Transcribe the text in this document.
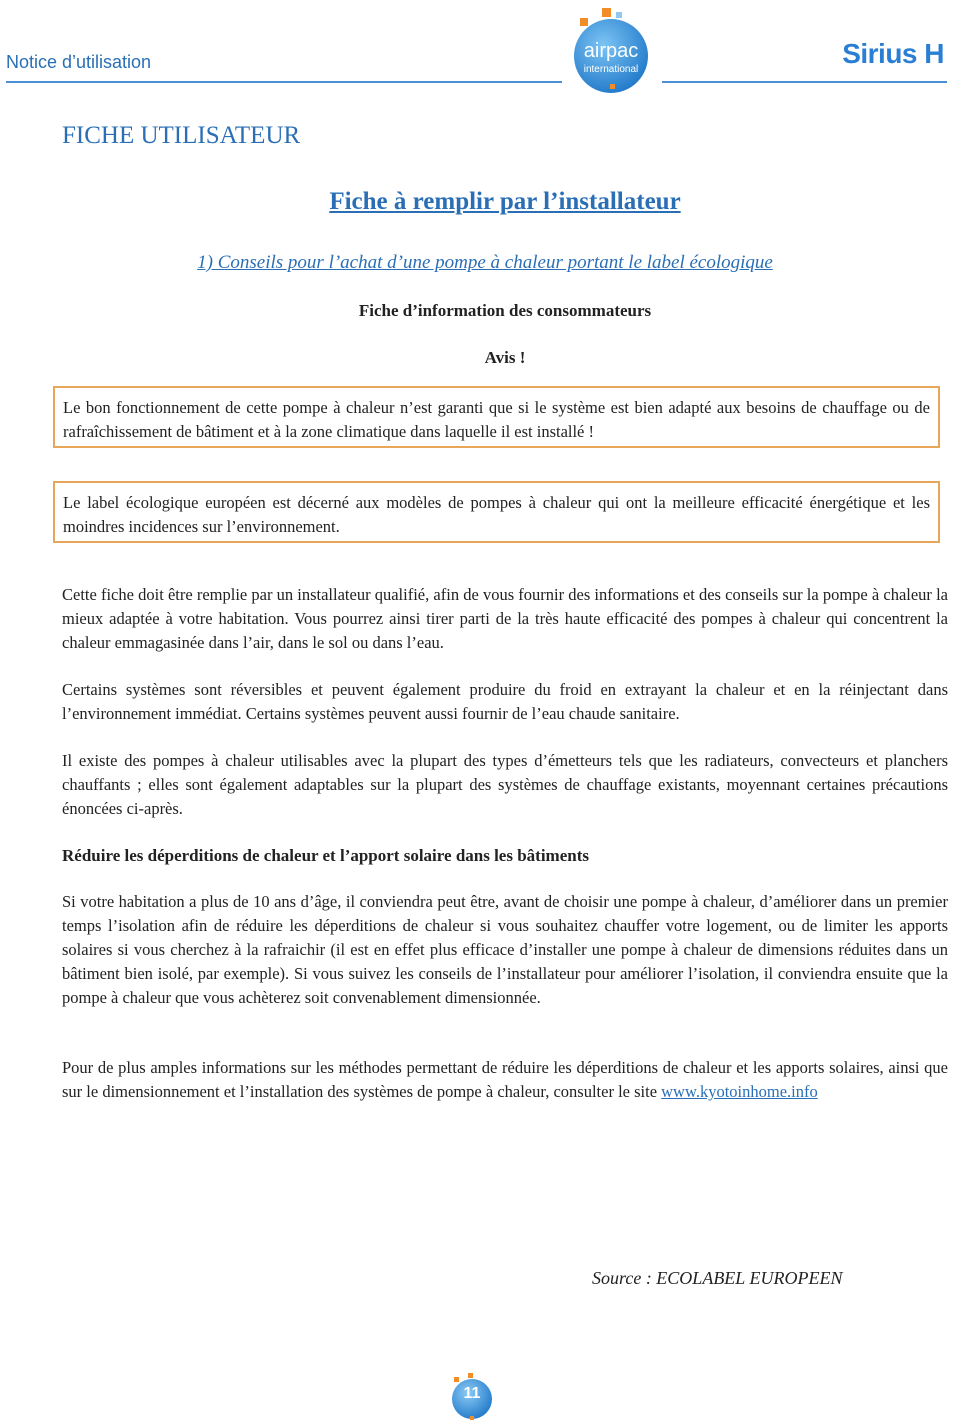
Notice d’utilisation	Sirius H
airpac
international
FICHE UTILISATEUR
Fiche à remplir par l’installateur
1) Conseils pour l’achat d’une pompe à chaleur portant le label écologique
Fiche d’information des consommateurs
Avis !
Le bon fonctionnement de cette pompe à chaleur n’est garanti que si le système est bien adapté aux besoins de chauffage ou de rafraîchissement de bâtiment et à la zone climatique dans laquelle il est installé !
Le label écologique européen est décerné aux modèles de pompes à chaleur qui ont la meilleure efficacité énergétique et les moindres incidences sur l’environnement.

Cette fiche doit être remplie par un installateur qualifié, afin de vous fournir des informations et des conseils sur la pompe à chaleur la mieux adaptée à votre habitation. Vous pourrez ainsi tirer parti de la très haute efficacité des pompes à chaleur qui concentrent la chaleur emmagasinée dans l’air, dans le sol ou dans l’eau.

Certains systèmes sont réversibles et peuvent également produire du froid en extrayant la chaleur et en la réinjectant dans l’environnement immédiat. Certains systèmes peuvent aussi fournir de l’eau chaude sanitaire.

Il existe des pompes à chaleur utilisables avec la plupart des types d’émetteurs tels que les radiateurs, convecteurs et planchers chauffants ; elles sont également adaptables sur la plupart des systèmes de chauffage existants, moyennant certaines précautions énoncées ci-après.

Réduire les déperditions de chaleur et l’apport solaire dans les bâtiments

Si votre habitation a plus de 10 ans d’âge, il conviendra peut être, avant de choisir une pompe à chaleur, d’améliorer dans un premier temps l’isolation afin de réduire les déperditions de chaleur si vous souhaitez chauffer votre logement, ou de limiter les apports solaires si vous cherchez à la rafraichir (il est en effet plus efficace d’installer une pompe à chaleur de dimensions réduites dans un bâtiment bien isolé, par exemple). Si vous suivez les conseils de l’installateur pour améliorer l’isolation, il conviendra ensuite que la pompe à chaleur que vous achèterez soit convenablement dimensionnée.

Pour de plus amples informations sur les méthodes permettant de réduire les déperditions de chaleur et les apports solaires, ainsi que sur le dimensionnement et l’installation des systèmes de pompe à chaleur, consulter le site www.kyotoinhome.info

Source : ECOLABEL EUROPEEN
11
